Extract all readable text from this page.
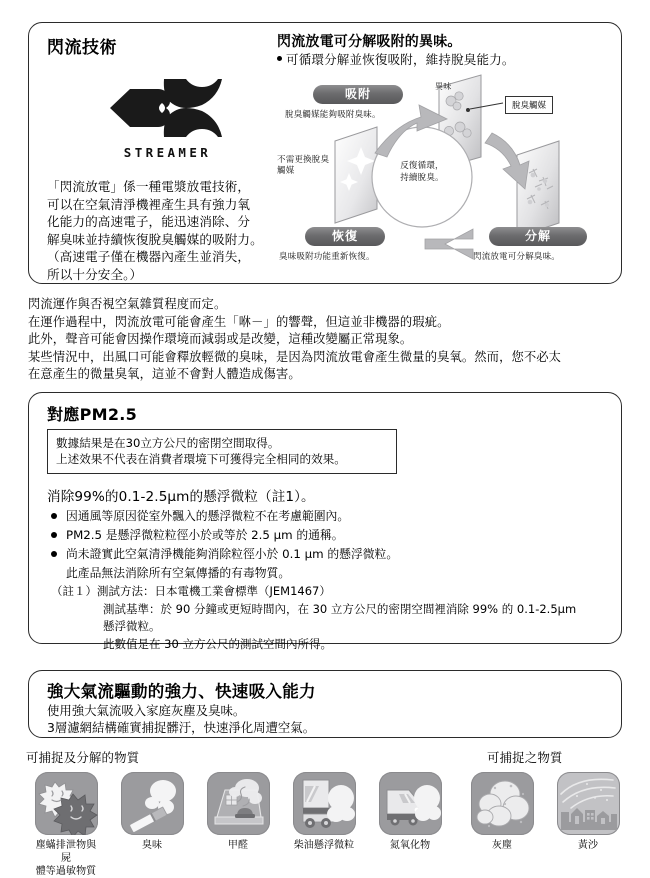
閃流技術	閃流放電可分解吸附的異味。
可循環分解並恢復吸附，維持脫臭能力。
STREAMER
「閃流放電」係一種電漿放電技術，
可以在空氣清淨機裡產生具有強力氧
化能力的高速電子，能迅速消除、分
解臭味並持續恢復脫臭觸媒的吸附力。
（高速電子僅在機器內產生並消失，
所以十分安全。）
吸附
恢復	分解
脫臭觸媒能夠吸附臭味。
臭味吸附功能重新恢復。	閃流放電可分解臭味。
不需更換脫臭觸媒
異味
脫臭觸媒
反復循環，
持續脫臭。
閃流運作與否視空氣雜質程度而定。
在運作過程中，閃流放電可能會產生「咻－」的響聲，但這並非機器的瑕疵。
此外，聲音可能會因操作環境而減弱或是改變，這種改變屬正常現象。
某些情況中，出風口可能會釋放輕微的臭味，是因為閃流放電會產生微量的臭氧。然而，您不必太
在意產生的微量臭氧，這並不會對人體造成傷害。
對應PM2.5
數據結果是在30立方公尺的密閉空間取得。
上述效果不代表在消費者環境下可獲得完全相同的效果。
消除99%的0.1-2.5μm的懸浮微粒（註1）。
因通風等原因從室外飄入的懸浮微粒不在考慮範圍內。
PM2.5 是懸浮微粒粒徑小於或等於 2.5 μm 的通稱。
尚未證實此空氣清淨機能夠消除粒徑小於 0.1 μm 的懸浮微粒。
此產品無法消除所有空氣傳播的有毒物質。
（註１）測試方法：日本電機工業會標準（JEM1467）
測試基準：於 90 分鐘或更短時間內，在 30 立方公尺的密閉空間裡消除 99% 的 0.1-2.5μm
懸浮微粒。
此數值是在 30 立方公尺的測試空間內所得。
強大氣流驅動的強力、快速吸入能力
使用強大氣流吸入家庭灰塵及臭味。
3層濾網結構確實捕捉髒汙，快速淨化周遭空氣。
可捕捉及分解的物質	可捕捉之物質
塵蟎排泄物與屍
體等過敏物質
臭味	甲醛	柴油懸浮微粒	氮氧化物	灰塵	黃沙
